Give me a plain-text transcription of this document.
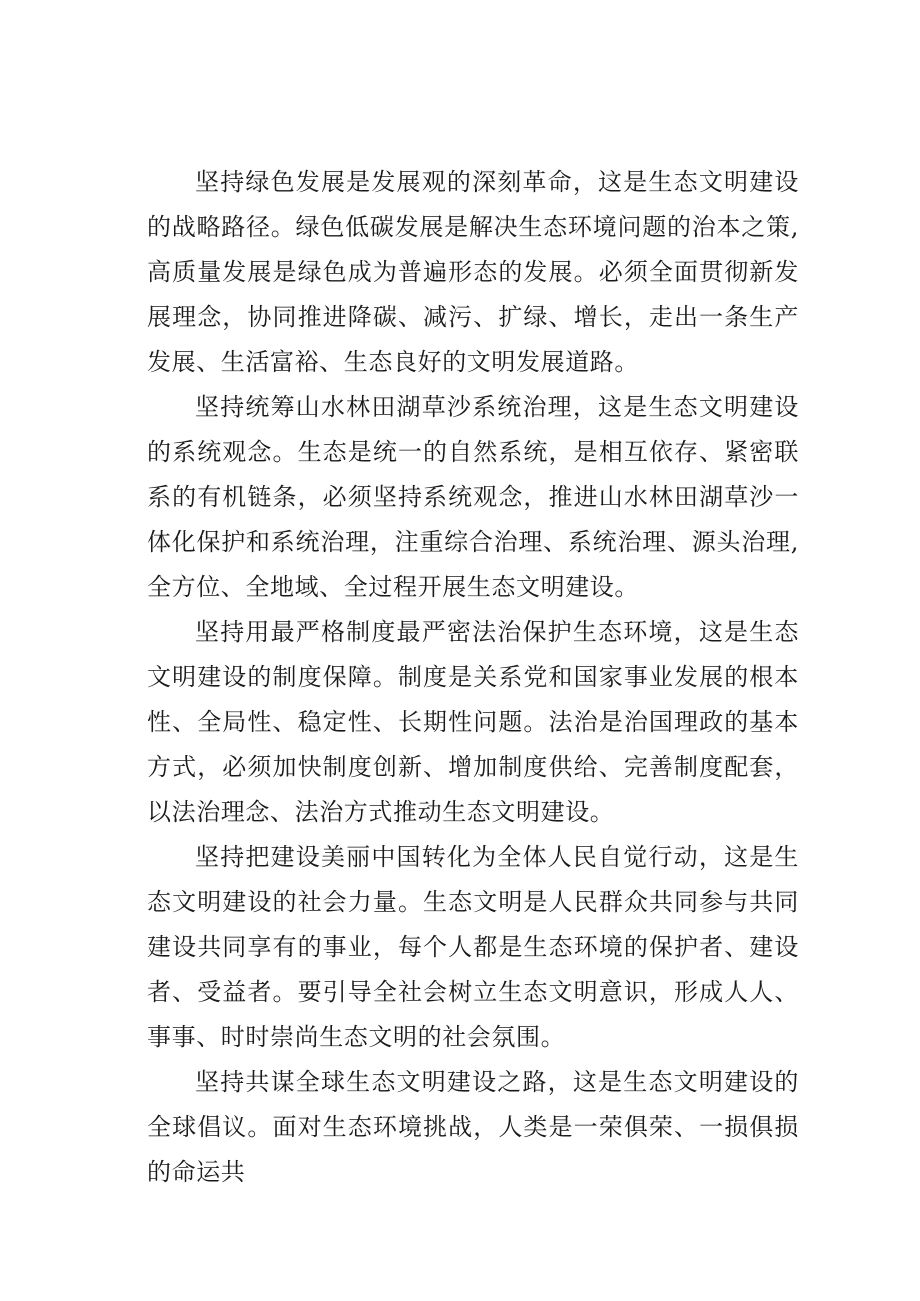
坚持绿色发展是发展观的深刻革命，这是生态文明建设的战略路径。绿色低碳发展是解决生态环境问题的治本之策,高质量发展是绿色成为普遍形态的发展。必须全面贯彻新发展理念，协同推进降碳、减污、扩绿、增长，走出一条生产发展、生活富裕、生态良好的文明发展道路。

坚持统筹山水林田湖草沙系统治理，这是生态文明建设的系统观念。生态是统一的自然系统，是相互依存、紧密联系的有机链条，必须坚持系统观念，推进山水林田湖草沙一体化保护和系统治理，注重综合治理、系统治理、源头治理,全方位、全地域、全过程开展生态文明建设。

坚持用最严格制度最严密法治保护生态环境，这是生态文明建设的制度保障。制度是关系党和国家事业发展的根本性、全局性、稳定性、长期性问题。法治是治国理政的基本方式，必须加快制度创新、增加制度供给、完善制度配套，以法治理念、法治方式推动生态文明建设。

坚持把建设美丽中国转化为全体人民自觉行动，这是生态文明建设的社会力量。生态文明是人民群众共同参与共同建设共同享有的事业，每个人都是生态环境的保护者、建设者、受益者。要引导全社会树立生态文明意识，形成人人、事事、时时崇尚生态文明的社会氛围。

坚持共谋全球生态文明建设之路，这是生态文明建设的全球倡议。面对生态环境挑战，人类是一荣俱荣、一损俱损的命运共
